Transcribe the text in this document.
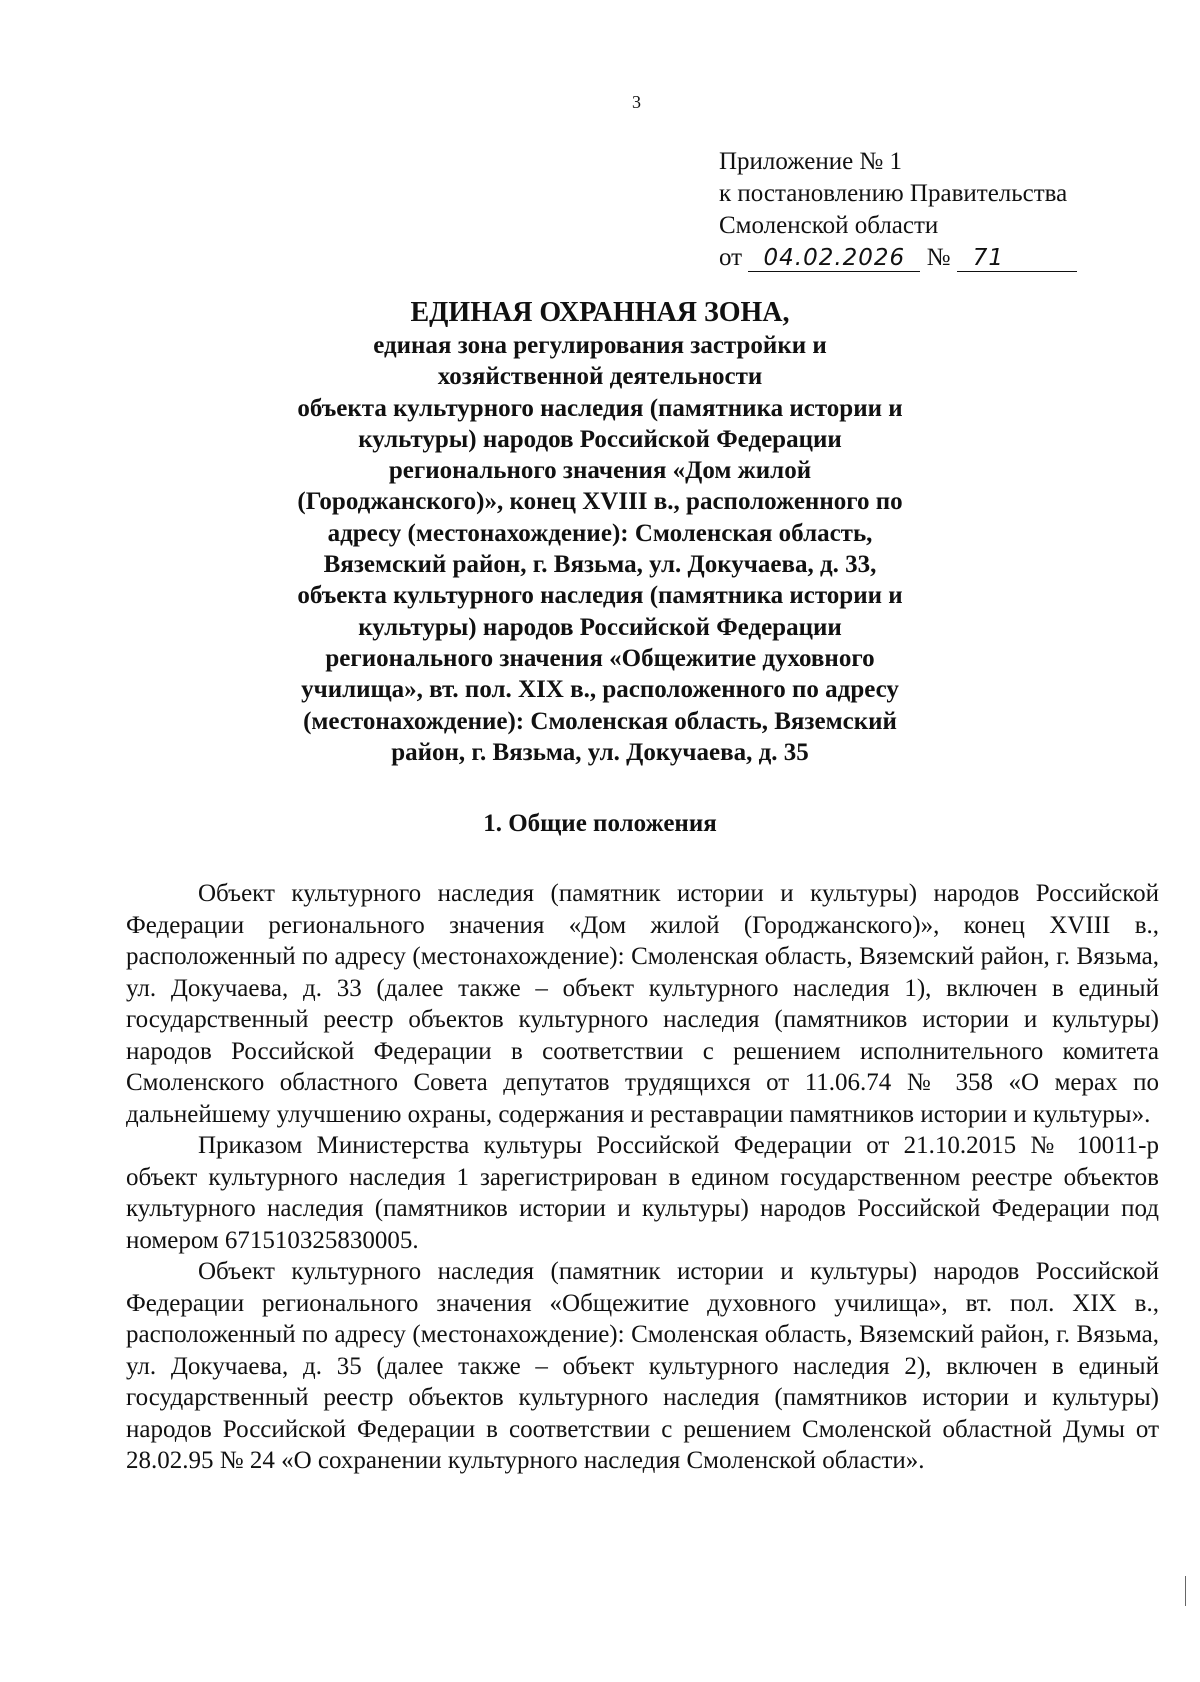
3
Приложение № 1
к постановлению Правительства
Смоленской области
от 04.02.2026 № 71
ЕДИНАЯ ОХРАННАЯ ЗОНА,
единая зона регулирования застройки и
хозяйственной деятельности
объекта культурного наследия (памятника истории и
культуры) народов Российской Федерации
регионального значения «Дом жилой
(Городжанского)», конец XVIII в., расположенного по
адресу (местонахождение): Смоленская область,
Вяземский район, г. Вязьма, ул. Докучаева, д. 33,
объекта культурного наследия (памятника истории и
культуры) народов Российской Федерации
регионального значения «Общежитие духовного
училища», вт. пол. XIX в., расположенного по адресу
(местонахождение): Смоленская область, Вяземский
район, г. Вязьма, ул. Докучаева, д. 35
1. Общие положения

Объект культурного наследия (памятник истории и культуры) народов Российской Федерации регионального значения «Дом жилой (Городжанского)», конец XVIII в., расположенный по адресу (местонахождение): Смоленская область, Вяземский район, г. Вязьма, ул. Докучаева, д. 33 (далее также – объект культурного наследия 1), включен в единый государственный реестр объектов культурного наследия (памятников истории и культуры) народов Российской Федерации в соответствии с решением исполнительного комитета Смоленского областного Совета депутатов трудящихся от 11.06.74 № 358 «О мерах по дальнейшему улучшению охраны, содержания и реставрации памятников истории и культуры».

Приказом Министерства культуры Российской Федерации от 21.10.2015 № 10011-р объект культурного наследия 1 зарегистрирован в едином государственном реестре объектов культурного наследия (памятников истории и культуры) народов Российской Федерации под номером 671510325830005.

Объект культурного наследия (памятник истории и культуры) народов Российской Федерации регионального значения «Общежитие духовного училища», вт. пол. XIX в., расположенный по адресу (местонахождение): Смоленская область, Вяземский район, г. Вязьма, ул. Докучаева, д. 35 (далее также – объект культурного наследия 2), включен в единый государственный реестр объектов культурного наследия (памятников истории и культуры) народов Российской Федерации в соответствии с решением Смоленской областной Думы от 28.02.95 № 24 «О сохранении культурного наследия Смоленской области».
